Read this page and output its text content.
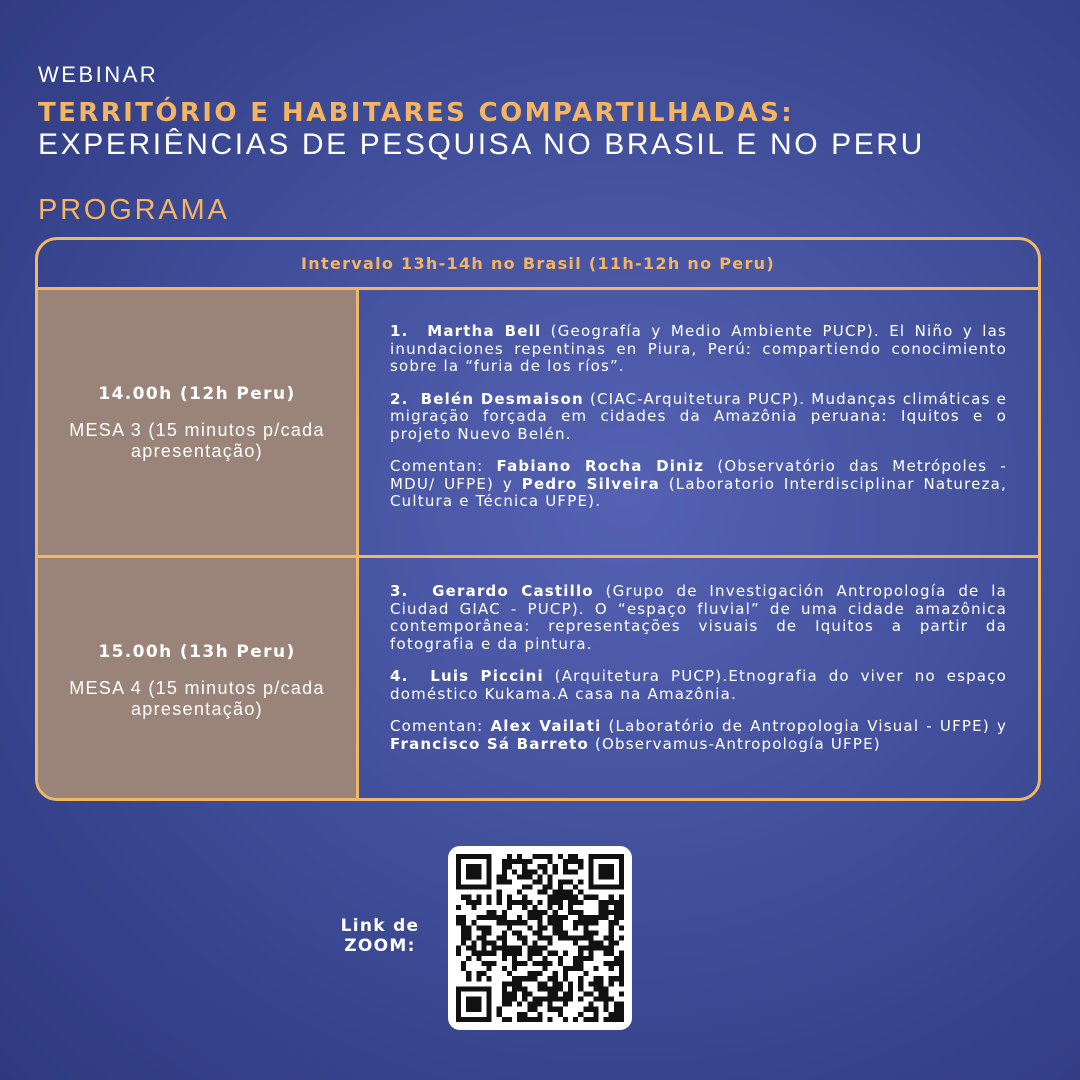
WEBINAR
TERRITÓRIO E HABITARES COMPARTILHADAS:
EXPERIÊNCIAS DE PESQUISA NO BRASIL E NO PERU
PROGRAMA
Intervalo 13h-14h no Brasil (11h-12h no Peru)
14.00h (12h Peru)
MESA 3 (15 minutos p/cada apresentação)

1. Martha Bell (Geografía y Medio Ambiente PUCP). El Niño y las inundaciones repentinas en Piura, Perú: compartiendo conocimiento sobre la “furia de los ríos”.

2. Belén Desmaison (CIAC-Arquitetura PUCP). Mudanças climáticas e migração forçada em cidades da Amazônia peruana: Iquitos e o projeto Nuevo Belén.

Comentan: Fabiano Rocha Diniz (Observatório das Metrópoles - MDU/ UFPE) y Pedro Silveira (Laboratorio Interdisciplinar Natureza, Cultura e Técnica UFPE).

15.00h (13h Peru)
MESA 4 (15 minutos p/cada apresentação)

3. Gerardo Castillo (Grupo de Investigación Antropología de la Ciudad GIAC - PUCP). O “espaço fluvial” de uma cidade amazônica contemporânea: representações visuais de Iquitos a partir da fotografia e da pintura.

4. Luis Piccini (Arquitetura PUCP).Etnografia do viver no espaço doméstico Kukama.A casa na Amazônia.

Comentan: Alex Vailati (Laboratório de Antropologia Visual - UFPE) y Francisco Sá Barreto (Observamus-Antropología UFPE)

Link de ZOOM:
